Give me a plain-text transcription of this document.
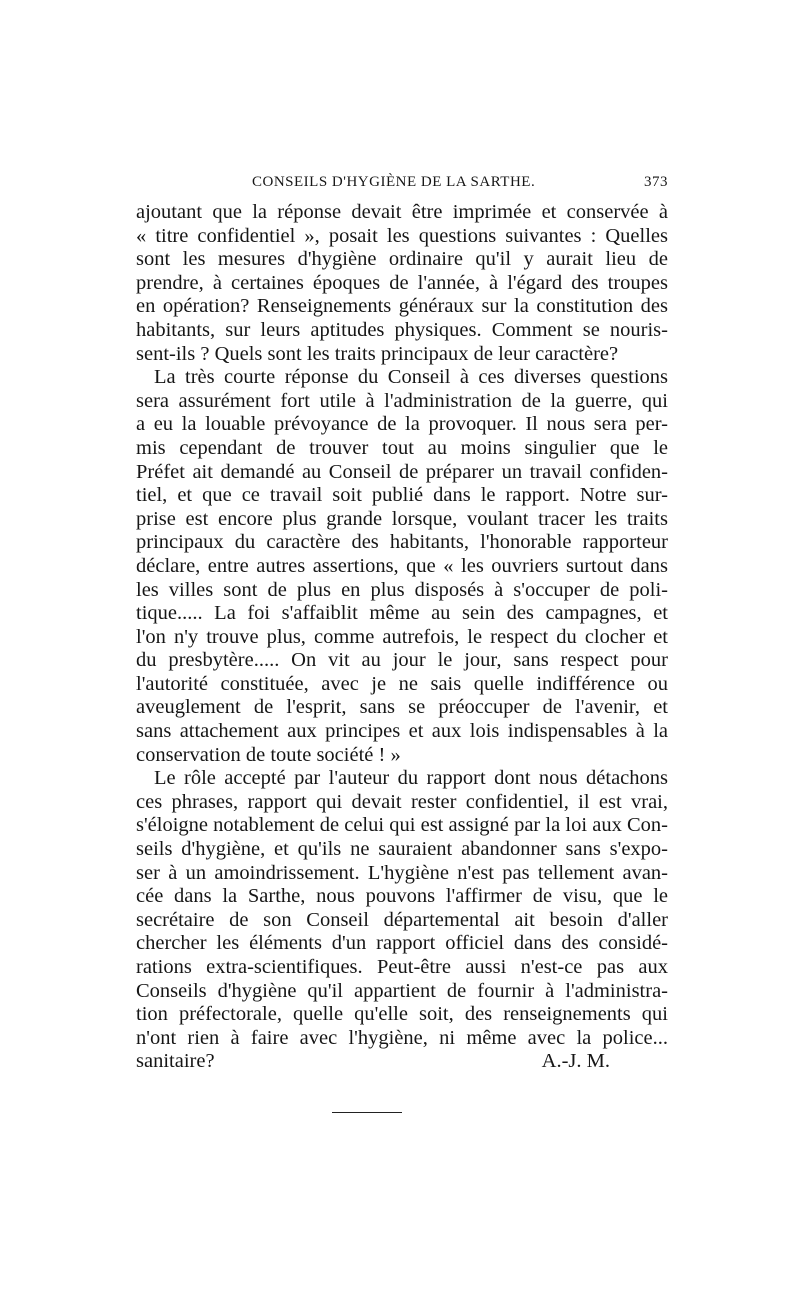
CONSEILS D'HYGIÈNE DE LA SARTHE.	373
ajoutant que la réponse devait être imprimée et conservée à
« titre confidentiel », posait les questions suivantes : Quelles
sont les mesures d'hygiène ordinaire qu'il y aurait lieu de
prendre, à certaines époques de l'année, à l'égard des troupes
en opération? Renseignements généraux sur la constitution des
habitants, sur leurs aptitudes physiques. Comment se nouris-
sent-ils ? Quels sont les traits principaux de leur caractère?
La très courte réponse du Conseil à ces diverses questions
sera assurément fort utile à l'administration de la guerre, qui
a eu la louable prévoyance de la provoquer. Il nous sera per-
mis cependant de trouver tout au moins singulier que le
Préfet ait demandé au Conseil de préparer un travail confiden-
tiel, et que ce travail soit publié dans le rapport. Notre sur-
prise est encore plus grande lorsque, voulant tracer les traits
principaux du caractère des habitants, l'honorable rapporteur
déclare, entre autres assertions, que « les ouvriers surtout dans
les villes sont de plus en plus disposés à s'occuper de poli-
tique..... La foi s'affaiblit même au sein des campagnes, et
l'on n'y trouve plus, comme autrefois, le respect du clocher et
du presbytère..... On vit au jour le jour, sans respect pour
l'autorité constituée, avec je ne sais quelle indifférence ou
aveuglement de l'esprit, sans se préoccuper de l'avenir, et
sans attachement aux principes et aux lois indispensables à la
conservation de toute société ! »
Le rôle accepté par l'auteur du rapport dont nous détachons
ces phrases, rapport qui devait rester confidentiel, il est vrai,
s'éloigne notablement de celui qui est assigné par la loi aux Con-
seils d'hygiène, et qu'ils ne sauraient abandonner sans s'expo-
ser à un amoindrissement. L'hygiène n'est pas tellement avan-
cée dans la Sarthe, nous pouvons l'affirmer de visu, que le
secrétaire de son Conseil départemental ait besoin d'aller
chercher les éléments d'un rapport officiel dans des considé-
rations extra-scientifiques. Peut-être aussi n'est-ce pas aux
Conseils d'hygiène qu'il appartient de fournir à l'administra-
tion préfectorale, quelle qu'elle soit, des renseignements qui
n'ont rien à faire avec l'hygiène, ni même avec la police...
sanitaire?	A.-J. M.
